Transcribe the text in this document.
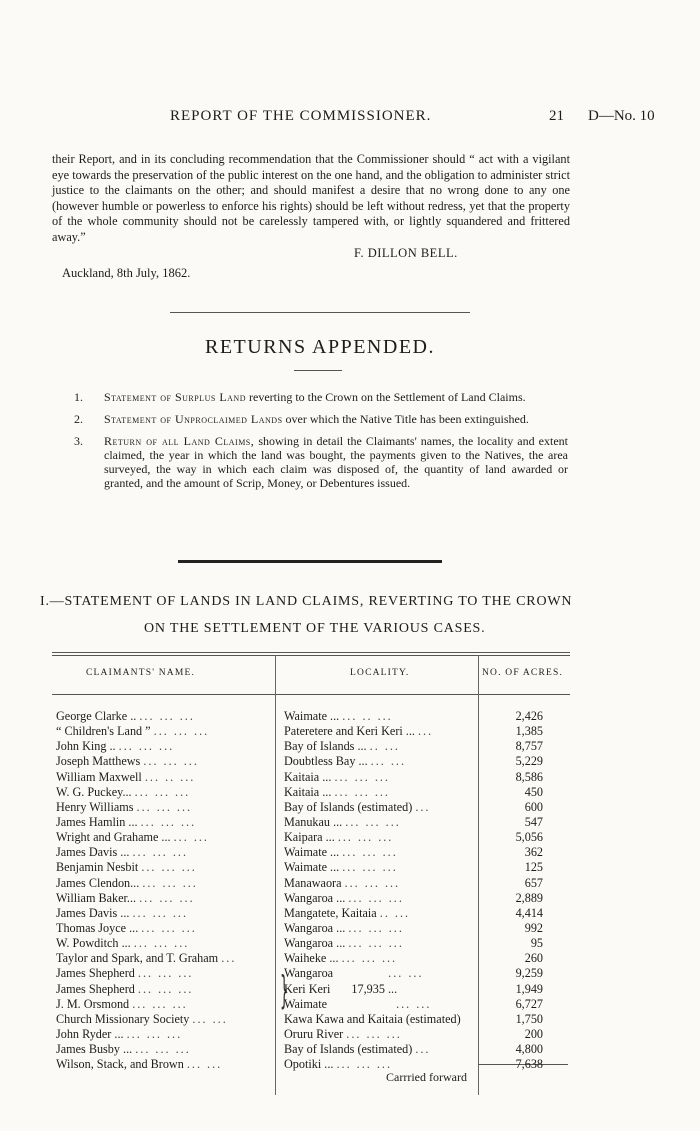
REPORT OF THE COMMISSIONER.	21 D—No. 10
their Report, and in its concluding recommendation that the Commissioner should “ act with a vigilant eye towards the preservation of the public interest on the one hand, and the obligation to administer strict justice to the claimants on the other; and should manifest a desire that no wrong done to any one (however humble or powerless to enforce his rights) should be left without redress, yet that the property of the whole community should not be carelessly tampered with, or lightly squandered and frittered away.”
F. DILLON BELL.
Auckland, 8th July, 1862.
RETURNS APPENDED.
1.	Statement of Surplus Land reverting to the Crown on the Settlement of Land Claims.
2.	Statement of Unproclaimed Lands over which the Native Title has been extinguished.
3.	Return of all Land Claims, showing in detail the Claimants' names, the locality and extent claimed, the year in which the land was bought, the payments given to the Natives, the area surveyed, the way in which each claim was disposed of, the quantity of land awarded or granted, and the amount of Scrip, Money, or Debentures issued.
I.—STATEMENT OF LANDS IN LAND CLAIMS, REVERTING TO THE CROWN
ON THE SETTLEMENT OF THE VARIOUS CASES.
CLAIMANTS' NAME.	LOCALITY.	NO. OF ACRES.
}
George Clarke .. ... ... ...	Waimate ... ... .. ...	2,426
“ Children's Land ” ... ... ...	Pateretere and Keri Keri ... ...	1,385
John King .. ... ... ...	Bay of Islands ... .. ...	8,757
Joseph Matthews ... ... ...	Doubtless Bay ... ... ...	5,229
William Maxwell ... .. ...	Kaitaia ... ... ... ...	8,586
W. G. Puckey... ... ... ...	Kaitaia ... ... ... ...	450
Henry Williams ... ... ...	Bay of Islands (estimated) ...	600
James Hamlin ... ... ... ...	Manukau ... ... ... ...	547
Wright and Grahame ... ... ...	Kaipara ... ... ... ...	5,056
James Davis ... ... ... ...	Waimate ... ... ... ...	362
Benjamin Nesbit ... ... ...	Waimate ... ... ... ...	125
James Clendon... ... ... ...	Manawaora ... ... ...	657
William Baker... ... ... ...	Wangaroa ... ... ... ...	2,889
James Davis ... ... ... ...	Mangatete, Kaitaia .. ...	4,414
Thomas Joyce ... ... ... ...	Wangaroa ... ... ... ...	992
W. Powditch ... ... ... ...	Wangaroa ... ... ... ...	95
Taylor and Spark, and T. Graham ...	Waiheke ... ... ... ...	260
James Shepherd ... ... ...	Wangaroa	... ...	9,259
James Shepherd ... ... ...	Keri Keri 17,935 ...	1,949
J. M. Orsmond ... ... ...	Waimate	... ...	6,727
Church Missionary Society ... ...	Kawa Kawa and Kaitaia (estimated)	1,750
John Ryder ... ... ... ...	Oruru River ... ... ...	200
James Busby ... ... ... ...	Bay of Islands (estimated) ...	4,800
Wilson, Stack, and Brown ... ...	Opotiki ... ... ... ...	7,638
Carrried forward
